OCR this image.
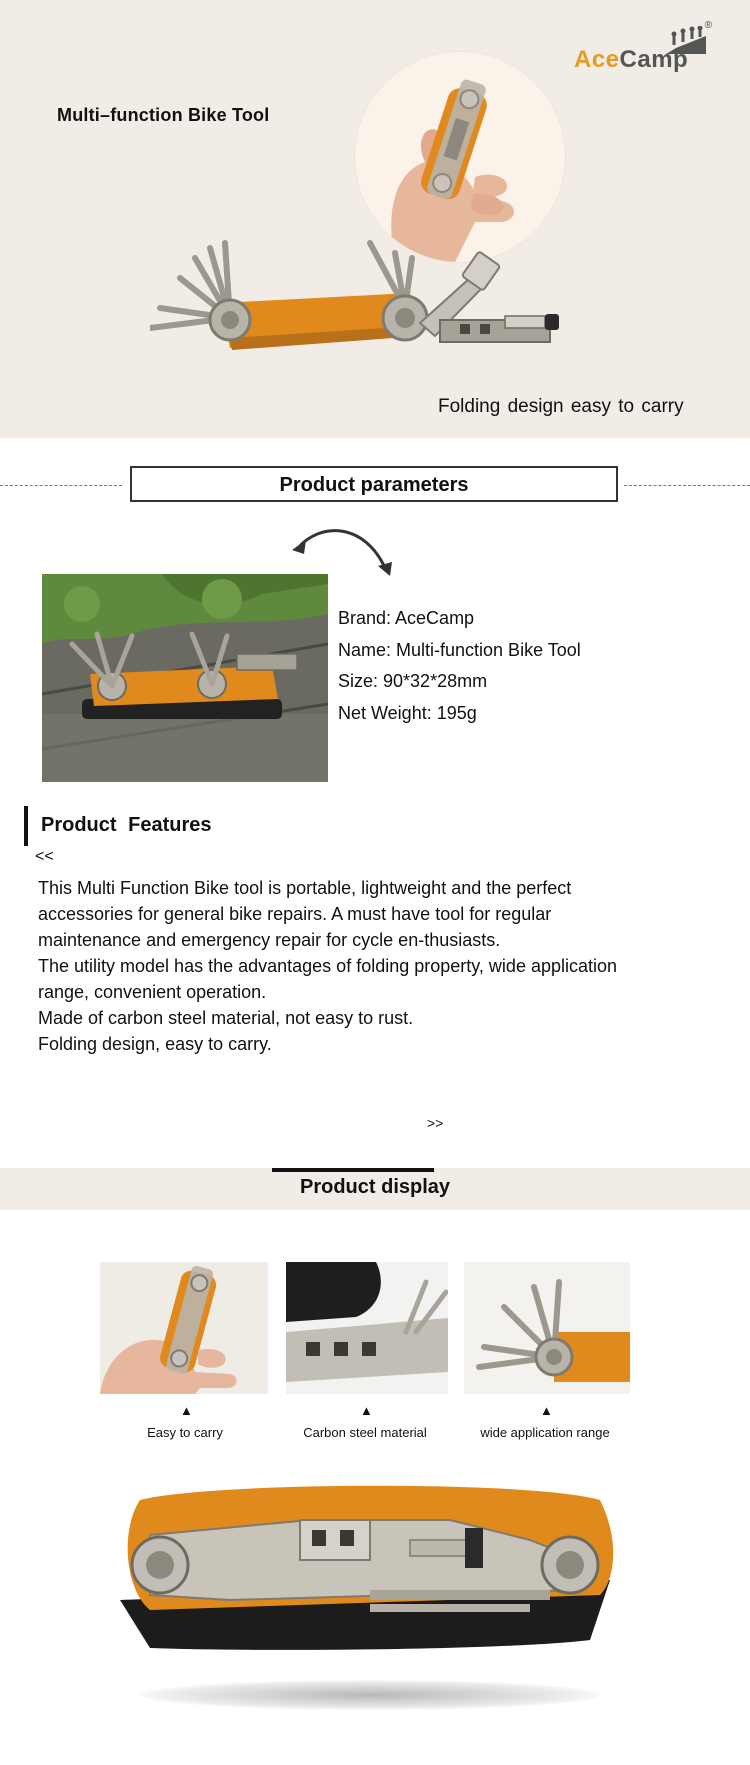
Multi–function Bike Tool
®
AceCamp
Folding design easy to carry
Product parameters
Brand: AceCamp
Name: Multi-function Bike Tool
Size: 90*32*28mm
Net Weight: 195g
Product Features
<<

This Multi Function Bike tool is portable, lightweight and the perfect accessories for general bike repairs. A must have tool for regular maintenance and emergency repair for cycle en-thusiasts.

The utility model has the advantages of folding property, wide application range, convenient operation.

Made of carbon steel material, not easy to rust.

Folding design, easy to carry.

>>
Product display
▲	▲	▲
Easy to carry	Carbon steel material	wide application range
